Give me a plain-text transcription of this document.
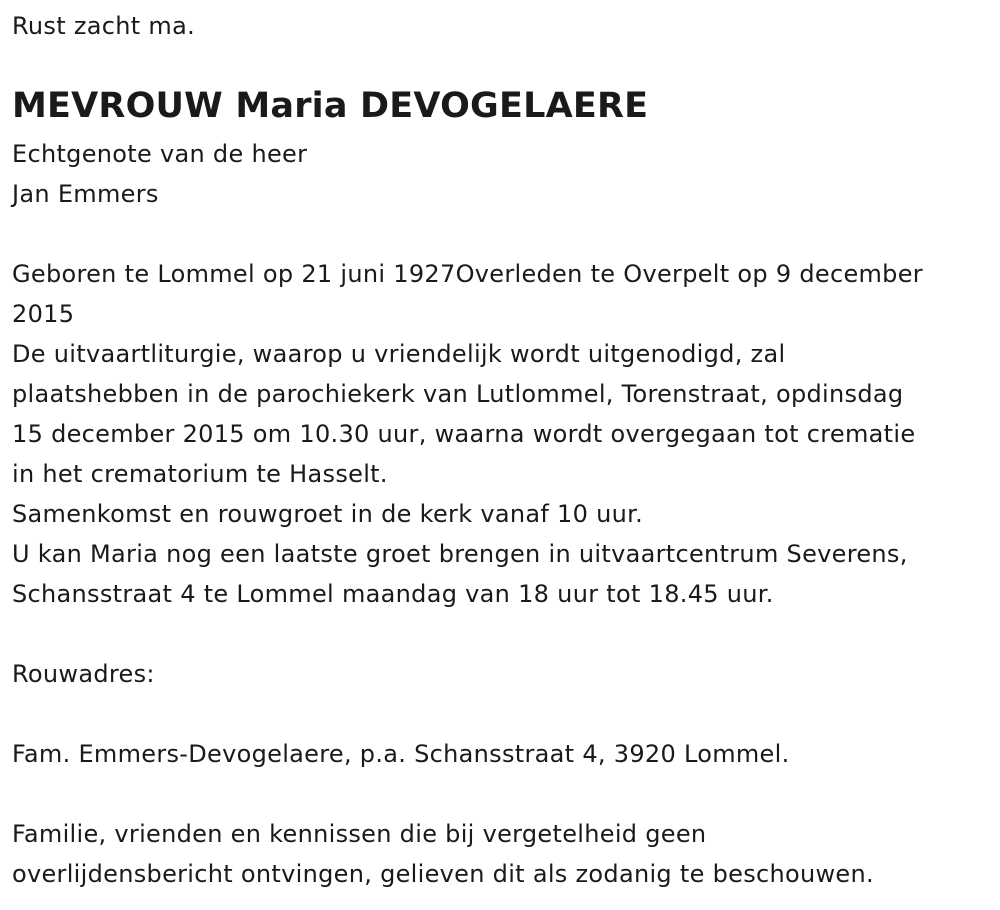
Rust zacht ma.
MEVROUW Maria DEVOGELAERE
Echtgenote van de heer
Jan Emmers
Geboren te Lommel op 21 juni 1927Overleden te Overpelt op 9 december
2015
De uitvaartliturgie, waarop u vriendelijk wordt uitgenodigd, zal
plaatshebben in de parochiekerk van Lutlommel, Torenstraat, opdinsdag
15 december 2015 om 10.30 uur, waarna wordt overgegaan tot crematie
in het crematorium te Hasselt.
Samenkomst en rouwgroet in de kerk vanaf 10 uur.
U kan Maria nog een laatste groet brengen in uitvaartcentrum Severens,
Schansstraat 4 te Lommel maandag van 18 uur tot 18.45 uur.
Rouwadres:
Fam. Emmers-Devogelaere, p.a. Schansstraat 4, 3920 Lommel.
Familie, vrienden en kennissen die bij vergetelheid geen
overlijdensbericht ontvingen, gelieven dit als zodanig te beschouwen.
